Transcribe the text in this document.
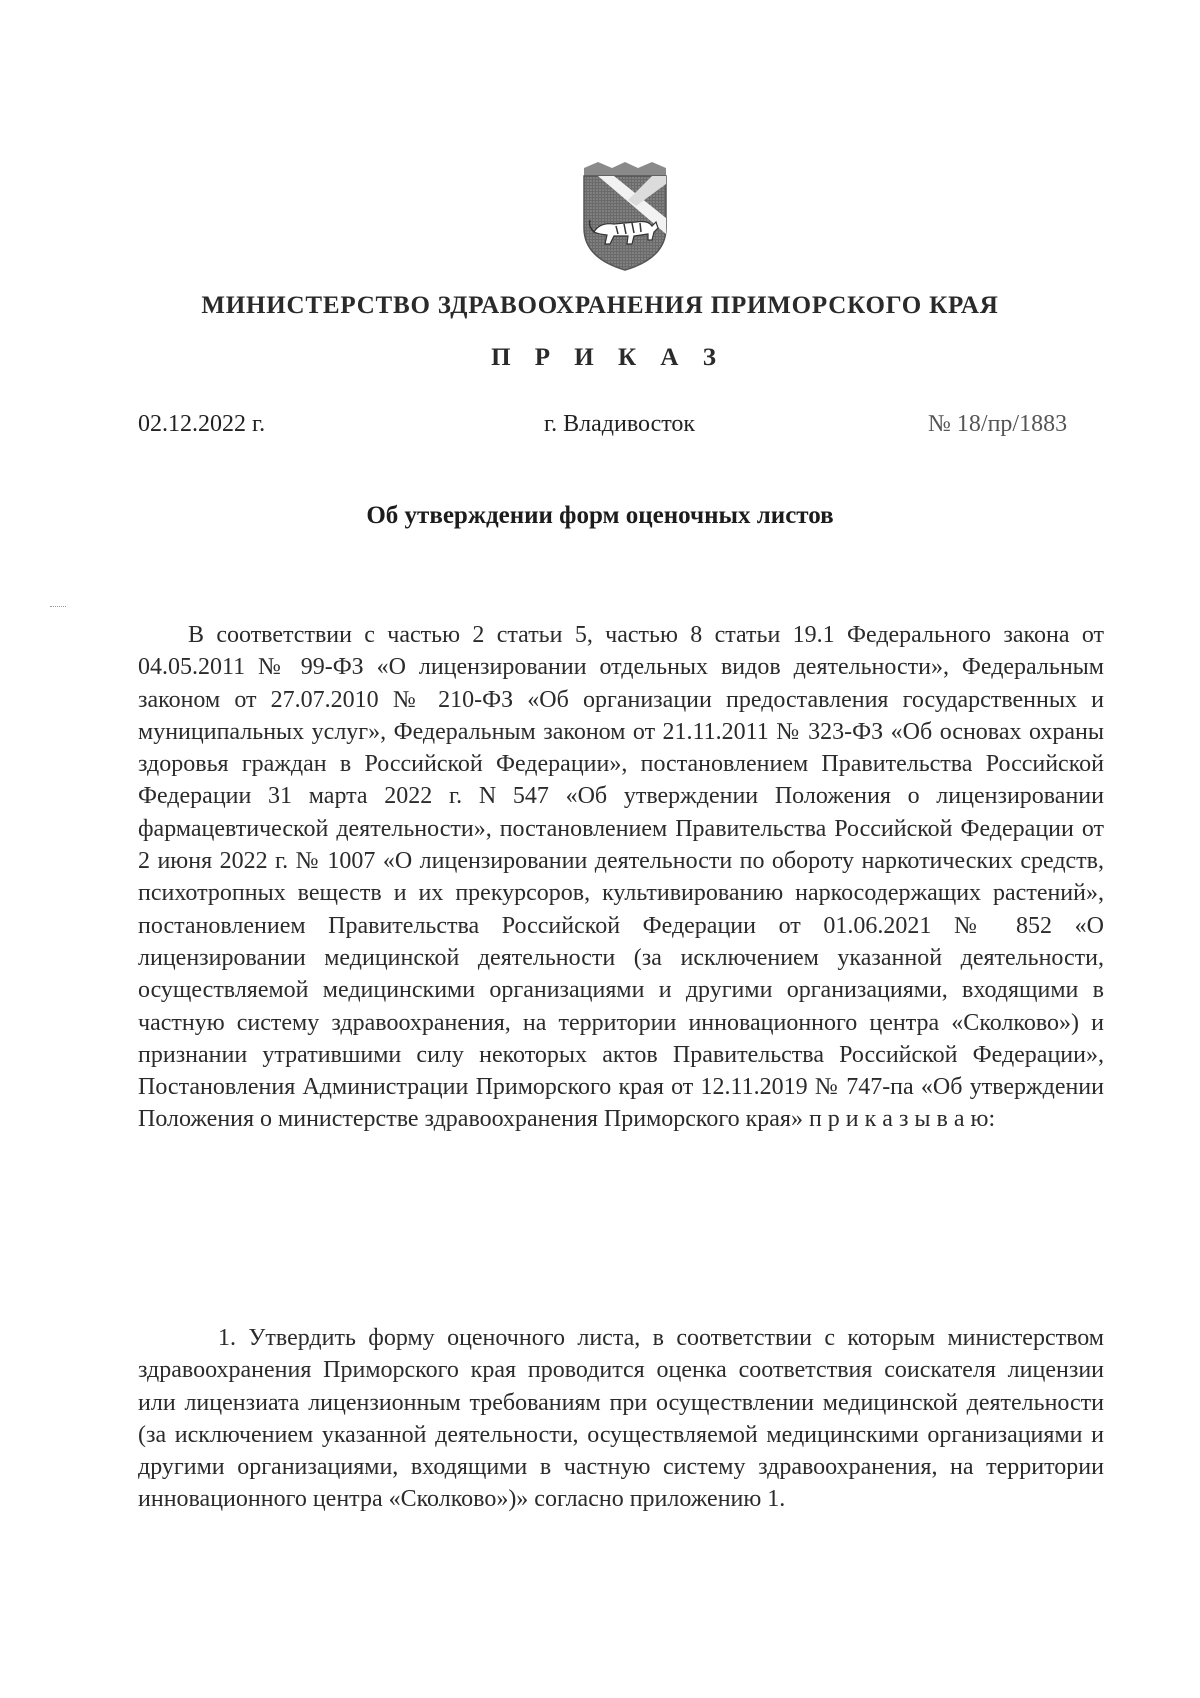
МИНИСТЕРСТВО ЗДРАВООХРАНЕНИЯ ПРИМОРСКОГО КРАЯ
П Р И К А З
02.12.2022 г.	г. Владивосток	№ 18/пр/1883
Об утверждении форм оценочных листов

В соответствии с частью 2 статьи 5, частью 8 статьи 19.1 Федерального закона от 04.05.2011 № 99-ФЗ «О лицензировании отдельных видов деятельности», Федеральным законом от 27.07.2010 № 210-ФЗ «Об организации предоставления государственных и муниципальных услуг», Федеральным законом от 21.11.2011 № 323-ФЗ «Об основах охраны здоровья граждан в Российской Федерации», постановлением Правительства Российской Федерации 31 марта 2022 г. N 547 «Об утверждении Положения о лицензировании фармацевтической деятельности», постановлением Правительства Российской Федерации от 2 июня 2022 г. № 1007 «О лицензировании деятельности по обороту наркотических средств, психотропных веществ и их прекурсоров, культивированию наркосодержащих растений», постановлением Правительства Российской Федерации от 01.06.2021 № 852 «О лицензировании медицинской деятельности (за исключением указанной деятельности, осуществляемой медицинскими организациями и другими организациями, входящими в частную систему здравоохранения, на территории инновационного центра «Сколково») и признании утратившими силу некоторых актов Правительства Российской Федерации», Постановления Администрации Приморского края от 12.11.2019 № 747-па «Об утверждении Положения о министерстве здравоохранения Приморского края» п р и к а з ы в а ю:

1. Утвердить форму оценочного листа, в соответствии с которым министерством здравоохранения Приморского края проводится оценка соответствия соискателя лицензии или лицензиата лицензионным требованиям при осуществлении медицинской деятельности (за исключением указанной деятельности, осуществляемой медицинскими организациями и другими организациями, входящими в частную систему здравоохранения, на территории инновационного центра «Сколково»)» согласно приложению 1.
